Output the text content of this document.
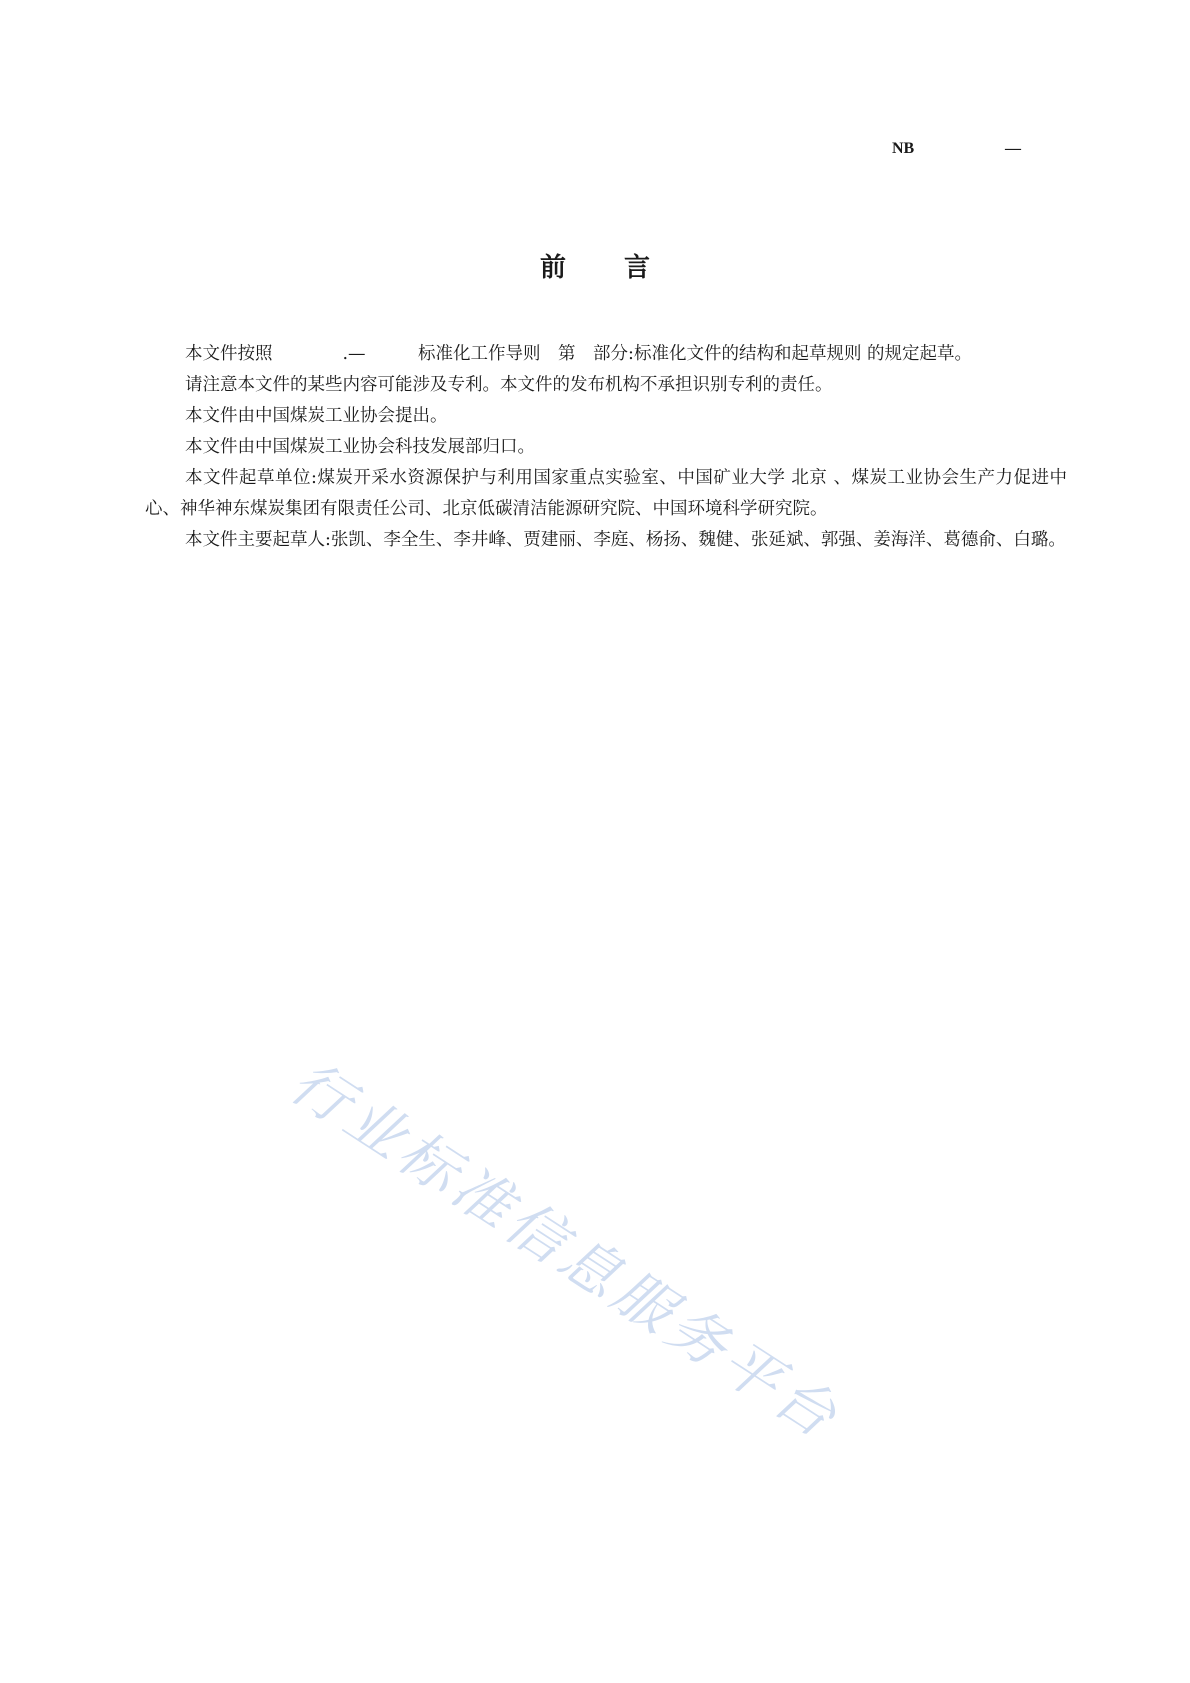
NB	—
前言

本文件按照　　　　.—　　　标准化工作导则　第　部分:标准化文件的结构和起草规则 的规定起草。

请注意本文件的某些内容可能涉及专利。本文件的发布机构不承担识别专利的责任。

本文件由中国煤炭工业协会提出。

本文件由中国煤炭工业协会科技发展部归口。

本文件起草单位:煤炭开采水资源保护与利用国家重点实验室、中国矿业大学 北京 、煤炭工业协会生产力促进中心、神华神东煤炭集团有限责任公司、北京低碳清洁能源研究院、中国环境科学研究院。

本文件主要起草人:张凯、李全生、李井峰、贾建丽、李庭、杨扬、魏健、张延斌、郭强、姜海洋、葛德俞、白璐。

行业标准信息服务平台
